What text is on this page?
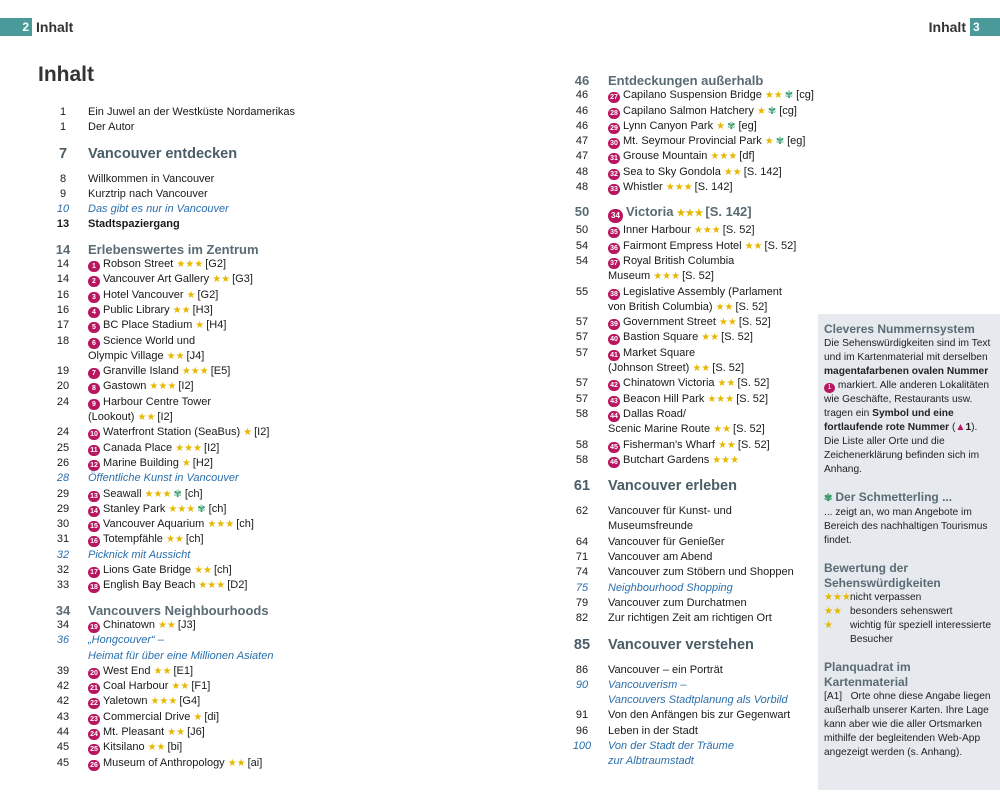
2 Inhalt	Inhalt 3
Inhalt
1	Ein Juwel an der Westküste Nordamerikas
1	Der Autor
7	Vancouver entdecken
8	Willkommen in Vancouver
9	Kurztrip nach Vancouver
10	Das gibt es nur in Vancouver
13	Stadtspaziergang
14	Erlebenswertes im Zentrum
14	1 Robson Street ★★★ [G2]
14	2 Vancouver Art Gallery ★★ [G3]
16	3 Hotel Vancouver ★ [G2]
16	4 Public Library ★★ [H3]
17	5 BC Place Stadium ★ [H4]
18	6 Science World und
Olympic Village ★★ [J4]
19	7 Granville Island ★★★ [E5]
20	8 Gastown ★★★ [I2]
24	9 Harbour Centre Tower
(Lookout) ★★ [I2]
24	10 Waterfront Station (SeaBus) ★ [I2]
25	11 Canada Place ★★★ [I2]
26	12 Marine Building ★ [H2]
28	Öffentliche Kunst in Vancouver
29	13 Seawall ★★★ ✾ [ch]
29	14 Stanley Park ★★★ ✾ [ch]
30	15 Vancouver Aquarium ★★★ [ch]
31	16 Totempfähle ★★ [ch]
32	Picknick mit Aussicht
32	17 Lions Gate Bridge ★★ [ch]
33	18 English Bay Beach ★★★ [D2]
34	Vancouvers Neighbourhoods
34	19 Chinatown ★★ [J3]
36	„Hongcouver“ –
Heimat für über eine Millionen Asiaten
39	20 West End ★★ [E1]
42	21 Coal Harbour ★★ [F1]
42	22 Yaletown ★★★ [G4]
43	23 Commercial Drive ★ [di]
44	24 Mt. Pleasant ★★ [J6]
45	25 Kitsilano ★★ [bi]
45	26 Museum of Anthropology ★★ [ai]
46	Entdeckungen außerhalb
46	27 Capilano Suspension Bridge ★★ ✾ [cg]
46	28 Capilano Salmon Hatchery ★ ✾ [cg]
46	29 Lynn Canyon Park ★ ✾ [eg]
47	30 Mt. Seymour Provincial Park ★ ✾ [eg]
47	31 Grouse Mountain ★★★ [df]
48	32 Sea to Sky Gondola ★★ [S. 142]
48	33 Whistler ★★★ [S. 142]
50	34 Victoria ★★★ [S. 142]
50	35 Inner Harbour ★★★ [S. 52]
54	36 Fairmont Empress Hotel ★★ [S. 52]
54	37 Royal British Columbia
Museum ★★★ [S. 52]
55	38 Legislative Assembly (Parlament
von British Columbia) ★★ [S. 52]
57	39 Government Street ★★ [S. 52]
57	40 Bastion Square ★★ [S. 52]
57	41 Market Square
(Johnson Street) ★★ [S. 52]
57	42 Chinatown Victoria ★★ [S. 52]
57	43 Beacon Hill Park ★★★ [S. 52]
58	44 Dallas Road/
Scenic Marine Route ★★ [S. 52]
58	45 Fisherman's Wharf ★★ [S. 52]
58	46 Butchart Gardens ★★★
61	Vancouver erleben
62	Vancouver für Kunst- und
Museumsfreunde
64	Vancouver für Genießer
71	Vancouver am Abend
74	Vancouver zum Stöbern und Shoppen
75	Neighbourhood Shopping
79	Vancouver zum Durchatmen
82	Zur richtigen Zeit am richtigen Ort
85	Vancouver verstehen
86	Vancouver – ein Porträt
90	Vancouverism –
Vancouvers Stadtplanung als Vorbild
91	Von den Anfängen bis zur Gegenwart
96	Leben in der Stadt
100	Von der Stadt der Träume
zur Albtraumstadt
Cleveres Nummernsystem
Die Sehenswürdigkeiten sind im Text und im Kartenmaterial mit derselben magentafarbenen ovalen Nummer 1 markiert. Alle anderen Lokalitäten wie Geschäfte, Restaurants usw. tragen ein Symbol und eine fortlaufende rote Nummer (▲1). Die Liste aller Orte und die Zeichenerklärung befinden sich im Anhang.
✾ Der Schmetterling ...
... zeigt an, wo man Angebote im Bereich des nachhaltigen Tourismus findet.
Bewertung der Sehenswürdigkeiten
★★★ nicht verpassen
★★ besonders sehenswert
★	wichtig für speziell interessierte Besucher
Planquadrat im Kartenmaterial
[A1] Orte ohne diese Angabe liegen außerhalb unserer Karten. Ihre Lage kann aber wie die aller Ortsmarken mithilfe der begleitenden Web-App angezeigt werden (s. Anhang).
